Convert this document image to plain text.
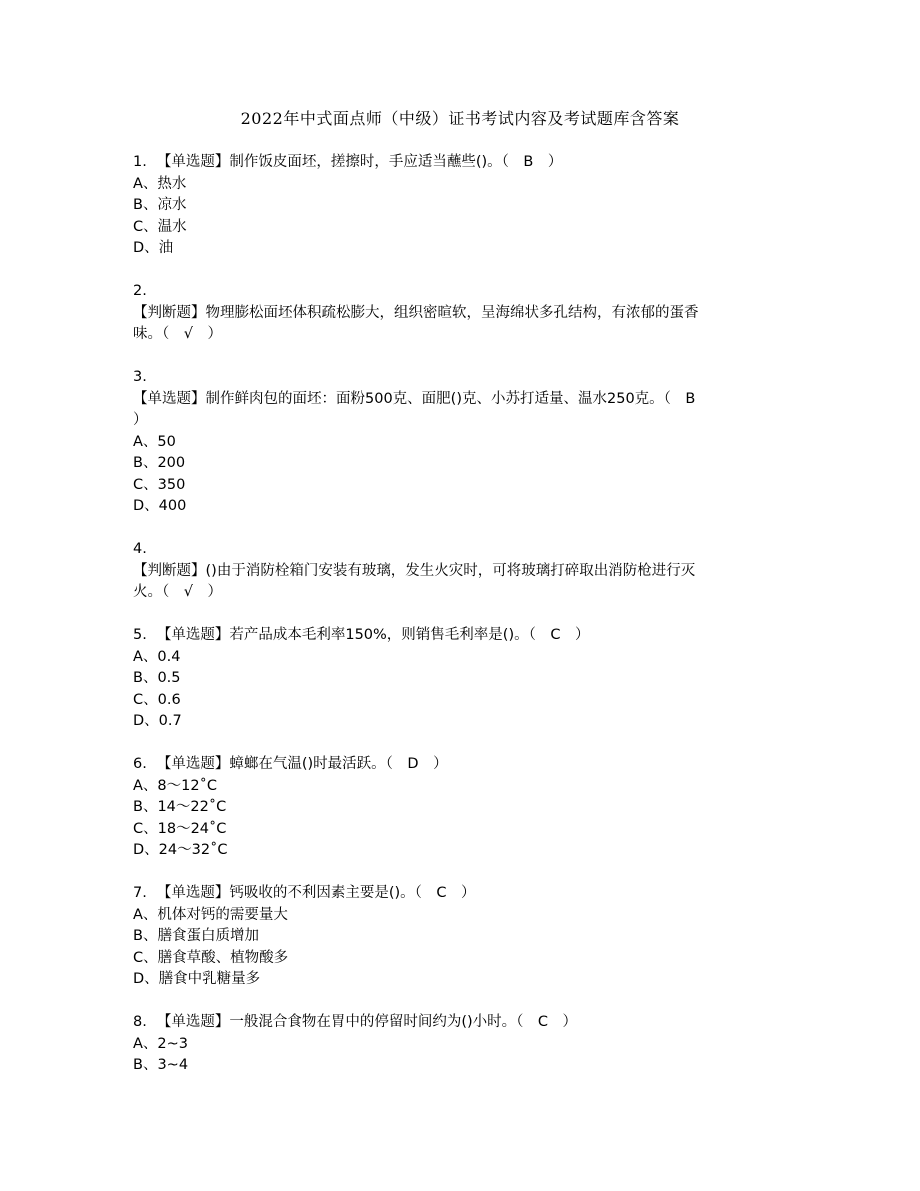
2022年中式面点师（中级）证书考试内容及考试题库含答案
1. 【单选题】制作饭皮面坯，搓擦时，手应适当蘸些()。（　B　）
A、热水
B、凉水
C、温水
D、油
2.
【判断题】物理膨松面坯体积疏松膨大，组织密暄软，呈海绵状多孔结构，有浓郁的蛋香
味。（　√　）
3.
【单选题】制作鲜肉包的面坯：面粉500克、面肥()克、小苏打适量、温水250克。（　B
）
A、50
B、200
C、350
D、400
4.
【判断题】()由于消防栓箱门安装有玻璃，发生火灾时，可将玻璃打碎取出消防枪进行灭
火。（　√　）
5. 【单选题】若产品成本毛利率150%，则销售毛利率是()。（　C　）
A、0.4
B、0.5
C、0.6
D、0.7
6. 【单选题】蟑螂在气温()时最活跃。（　D　）
A、8～12˚C
B、14～22˚C
C、18～24˚C
D、24～32˚C
7. 【单选题】钙吸收的不利因素主要是()。（　C　）
A、机体对钙的需要量大
B、膳食蛋白质增加
C、膳食草酸、植物酸多
D、膳食中乳糖量多
8. 【单选题】一般混合食物在胃中的停留时间约为()小时。（　C　）
A、2~3
B、3~4
